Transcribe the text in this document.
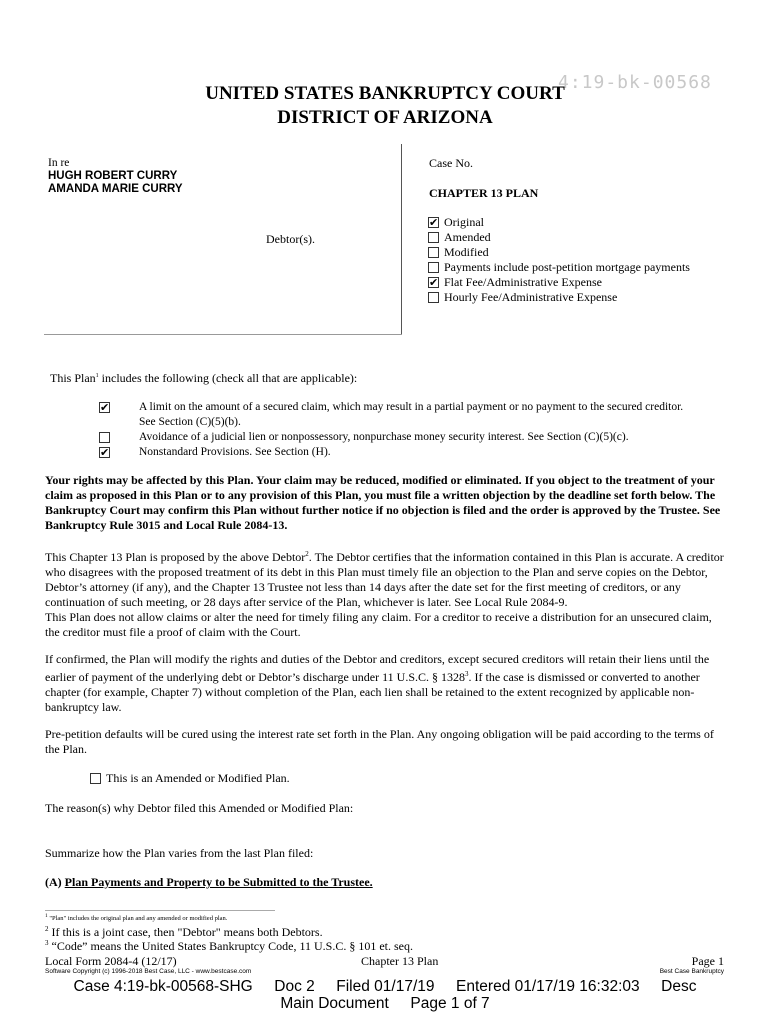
4:19-bk-00568
UNITED STATES BANKRUPTCY COURT
DISTRICT OF ARIZONA
In re
HUGH ROBERT CURRY
AMANDA MARIE CURRY
Debtor(s).
Case No.
CHAPTER 13 PLAN
✔ Original
Amended
Modified
Payments include post-petition mortgage payments
✔ Flat Fee/Administrative Expense
Hourly Fee/Administrative Expense
This Plan$^1$ includes the following (check all that are applicable):
✔	A limit on the amount of a secured claim, which may result in a partial payment or no payment to the secured creditor. See Section (C)(5)(b).
Avoidance of a judicial lien or nonpossessory, nonpurchase money security interest. See Section (C)(5)(c).
✔	Nonstandard Provisions. See Section (H).
Your rights may be affected by this Plan. Your claim may be reduced, modified or eliminated. If you object to the treatment of your claim as proposed in this Plan or to any provision of this Plan, you must file a written objection by the deadline set forth below. The Bankruptcy Court may confirm this Plan without further notice if no objection is filed and the order is approved by the Trustee. See Bankruptcy Rule 3015 and Local Rule 2084-13.
This Chapter 13 Plan is proposed by the above Debtor$^2$. The Debtor certifies that the information contained in this Plan is accurate. A creditor who disagrees with the proposed treatment of its debt in this Plan must timely file an objection to the Plan and serve copies on the Debtor, Debtor’s attorney (if any), and the Chapter 13 Trustee not less than 14 days after the date set for the first meeting of creditors, or any continuation of such meeting, or 28 days after service of the Plan, whichever is later. See Local Rule 2084-9.
This Plan does not allow claims or alter the need for timely filing any claim. For a creditor to receive a distribution for an unsecured claim, the creditor must file a proof of claim with the Court.
If confirmed, the Plan will modify the rights and duties of the Debtor and creditors, except secured creditors will retain their liens until the earlier of payment of the underlying debt or Debtor’s discharge under 11 U.S.C. § 1328$^3$. If the case is dismissed or converted to another chapter (for example, Chapter 7) without completion of the Plan, each lien shall be retained to the extent recognized by applicable non-bankruptcy law.
Pre-petition defaults will be cured using the interest rate set forth in the Plan. Any ongoing obligation will be paid according to the terms of the Plan.
This is an Amended or Modified Plan.
The reason(s) why Debtor filed this Amended or Modified Plan:
Summarize how the Plan varies from the last Plan filed:
(A) Plan Payments and Property to be Submitted to the Trustee.
$^1$ "Plan" includes the original plan and any amended or modified plan.
$^2$ If this is a joint case, then "Debtor" means both Debtors.
$^3$ “Code” means the United States Bankruptcy Code, 11 U.S.C. § 101 et. seq.
Local Form 2084-4 (12/17)	Chapter 13 Plan	Page 1
Software Copyright (c) 1996-2018 Best Case, LLC - www.bestcase.com	Best Case Bankruptcy
Case 4:19-bk-00568-SHG     Doc 2     Filed 01/17/19     Entered 01/17/19 16:32:03     Desc
Main Document     Page 1 of 7
